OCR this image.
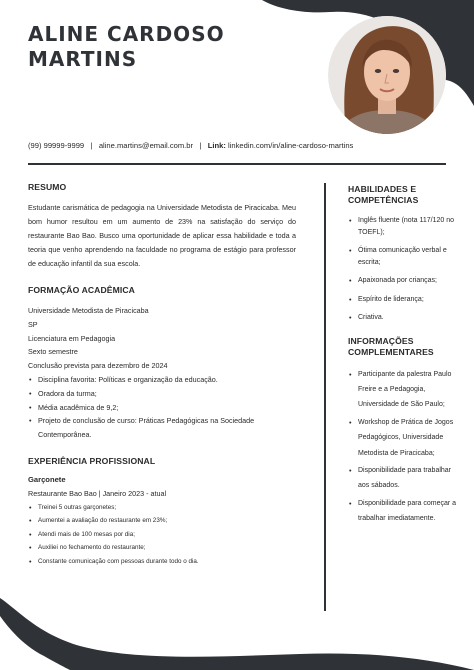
ALINE CARDOSO
MARTINS
(99) 99999-9999   |   aline.martins@email.com.br   |   Link: linkedin.com/in/aline-cardoso-martins
RESUMO

Estudante carismática de pedagogia na Universidade Metodista de Piracicaba. Meu bom humor resultou em um aumento de 23% na satisfação do serviço do restaurante Bao Bao. Busco uma oportunidade de aplicar essa habilidade e toda a teoria que venho aprendendo na faculdade no programa de estágio para professor de educação infantil da sua escola.

FORMAÇÃO ACADÊMICA
Universidade Metodista de Piracicaba
SP
Licenciatura em Pedagogia
Sexto semestre
Conclusão prevista para dezembro de 2024
• Disciplina favorita: Políticas e organização da educação.
• Oradora da turma;
• Média acadêmica de 9,2;
• Projeto de conclusão de curso: Práticas Pedagógicas na Sociedade Contemporânea.
EXPERIÊNCIA PROFISSIONAL
Garçonete
Restaurante Bao Bao | Janeiro 2023 - atual
• Treinei 5 outras garçonetes;
• Aumentei a avaliação do restaurante em 23%;
• Atendi mais de 100 mesas por dia;
• Auxiliei no fechamento do restaurante;
• Constante comunicação com pessoas durante todo o dia.
HABILIDADES E
COMPETÊNCIAS
• Inglês fluente (nota 117/120 no TOEFL);
• Ótima comunicação verbal e escrita;
• Apaixonada por crianças;
• Espírito de liderança;
• Criativa.
INFORMAÇÕES
COMPLEMENTARES
• Participante da palestra Paulo Freire e a Pedagogia, Universidade de São Paulo;
• Workshop de Prática de Jogos Pedagógicos, Universidade Metodista de Piracicaba;
• Disponibilidade para trabalhar aos sábados.
• Disponibilidade para começar a trabalhar imediatamente.
